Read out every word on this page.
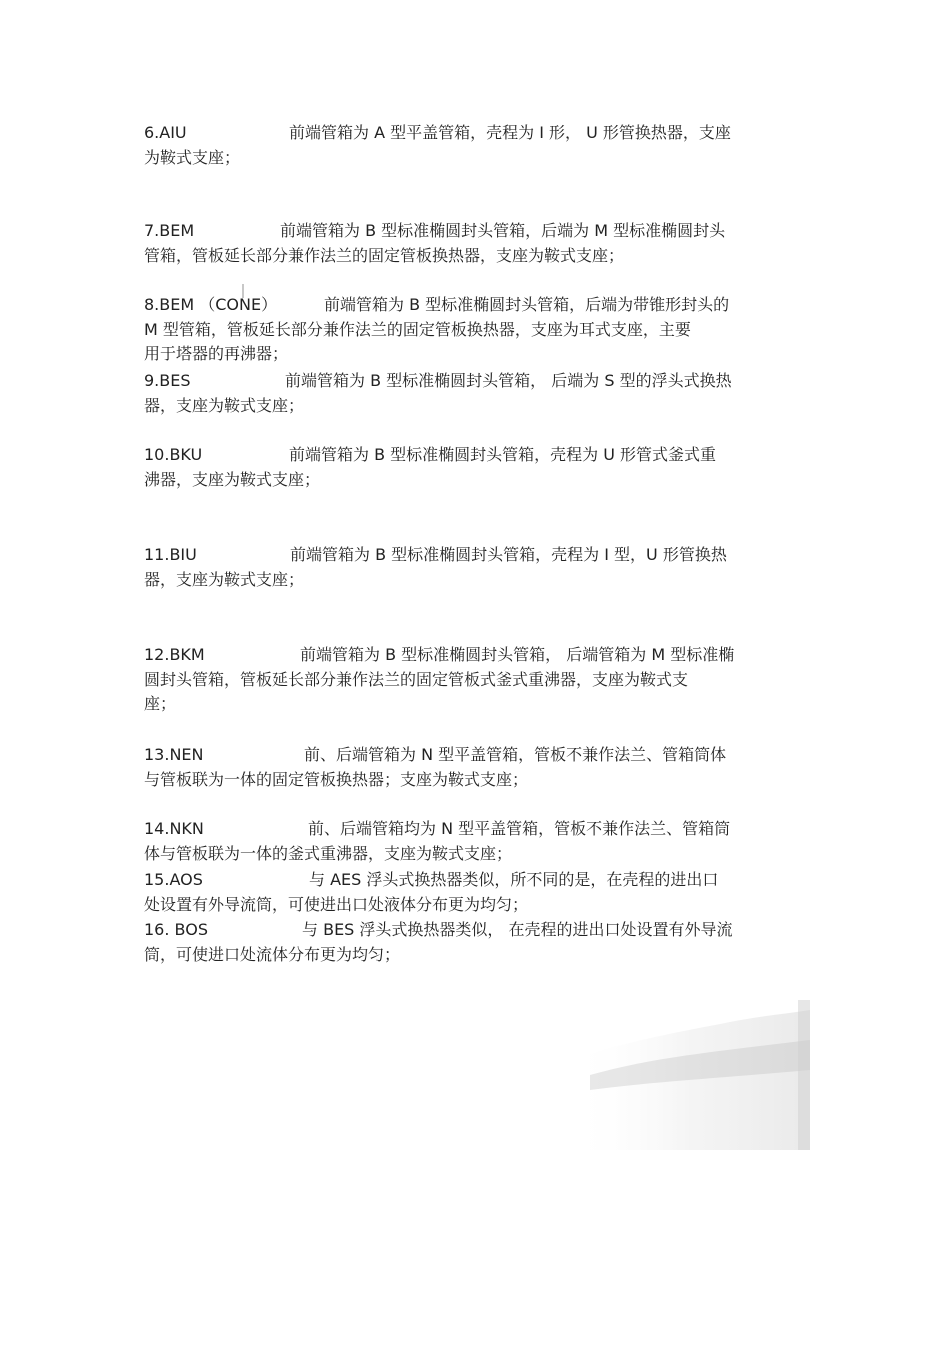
6.AIU	前端管箱为 A 型平盖管箱，壳程为 I 形， U 形管换热器，支座
为鞍式支座；
7.BEM	前端管箱为 B 型标准椭圆封头管箱，后端为 M 型标准椭圆封头
管箱，管板延长部分兼作法兰的固定管板换热器，支座为鞍式支座；
8.BEM （CONE）	前端管箱为 B 型标准椭圆封头管箱，后端为带锥形封头的
M 型管箱，管板延长部分兼作法兰的固定管板换热器，支座为耳式支座，主要
用于塔器的再沸器；
9.BES	前端管箱为 B 型标准椭圆封头管箱， 后端为 S 型的浮头式换热
器，支座为鞍式支座；
10.BKU	前端管箱为 B 型标准椭圆封头管箱，壳程为 U 形管式釜式重
沸器，支座为鞍式支座；
11.BIU	前端管箱为 B 型标准椭圆封头管箱，壳程为 I 型，U 形管换热
器，支座为鞍式支座；
12.BKM	前端管箱为 B 型标准椭圆封头管箱， 后端管箱为 M 型标准椭
圆封头管箱，管板延长部分兼作法兰的固定管板式釜式重沸器，支座为鞍式支
座；
13.NEN	前、后端管箱为 N 型平盖管箱，管板不兼作法兰、管箱筒体
与管板联为一体的固定管板换热器；支座为鞍式支座；
14.NKN	前、后端管箱均为 N 型平盖管箱，管板不兼作法兰、管箱筒
体与管板联为一体的釜式重沸器，支座为鞍式支座；
15.AOS	与 AES 浮头式换热器类似，所不同的是，在壳程的进出口
处设置有外导流筒，可使进出口处液体分布更为均匀；
16. BOS	与 BES 浮头式换热器类似， 在壳程的进出口处设置有外导流
筒，可使进口处流体分布更为均匀；
